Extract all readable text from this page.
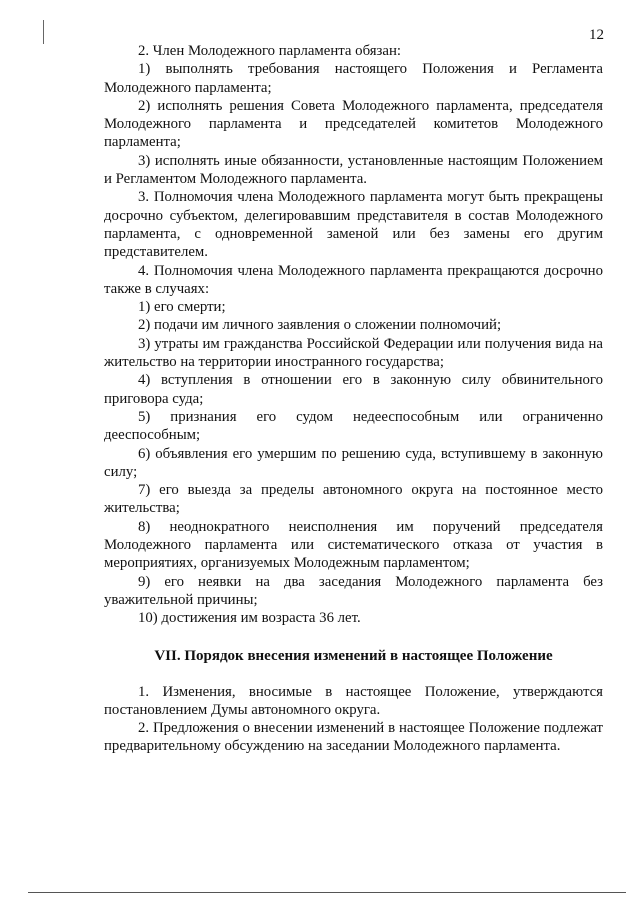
12

2. Член Молодежного парламента обязан:

1) выполнять требования настоящего Положения и Регламента Молодежного парламента;

2) исполнять решения Совета Молодежного парламента, председателя Молодежного парламента и председателей комитетов Молодежного парламента;

3) исполнять иные обязанности, установленные настоящим Положением и Регламентом Молодежного парламента.

3. Полномочия члена Молодежного парламента могут быть прекращены досрочно субъектом, делегировавшим представителя в состав Молодежного парламента, с одновременной заменой или без замены его другим представителем.

4. Полномочия члена Молодежного парламента прекращаются досрочно также в случаях:

1) его смерти;

2) подачи им личного заявления о сложении полномочий;

3) утраты им гражданства Российской Федерации или получения вида на жительство на территории иностранного государства;

4) вступления в отношении его в законную силу обвинительного приговора суда;

5) признания его судом недееспособным или ограниченно дееспособным;

6) объявления его умершим по решению суда, вступившему в законную силу;

7) его выезда за пределы автономного округа на постоянное место жительства;

8) неоднократного неисполнения им поручений председателя Молодежного парламента или систематического отказа от участия в мероприятиях, организуемых Молодежным парламентом;

9) его неявки на два заседания Молодежного парламента без уважительной причины;

10) достижения им возраста 36 лет.

VII. Порядок внесения изменений в настоящее Положение

1. Изменения, вносимые в настоящее Положение, утверждаются постановлением Думы автономного округа.

2. Предложения о внесении изменений в настоящее Положение подлежат предварительному обсуждению на заседании Молодежного парламента.
